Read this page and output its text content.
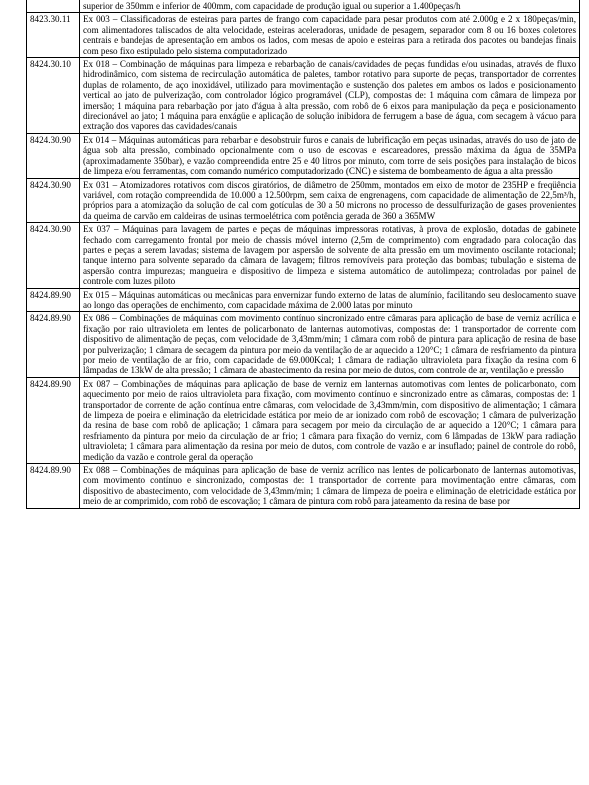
	superior de 350mm e inferior de 400mm, com capacidade de produção igual ou superior a 1.400peças/h
8423.30.11	Ex 003 – Classificadoras de esteiras para partes de frango com capacidade para pesar produtos com até 2.000g e 2 x 180peças/min, com alimentadores taliscados de alta velocidade, esteiras aceleradoras, unidade de pesagem, separador com 8 ou 16 boxes coletores centrais e bandejas de apresentação em ambos os lados, com mesas de apoio e esteiras para a retirada dos pacotes ou bandejas finais com peso fixo estipulado pelo sistema computadorizado
8424.30.10	Ex 018 – Combinação de máquinas para limpeza e rebarbação de canais/cavidades de peças fundidas e/ou usinadas, através de fluxo hidrodinâmico, com sistema de recirculação automática de paletes, tambor rotativo para suporte de peças, transportador de correntes duplas de rolamento, de aço inoxidável, utilizado para movimentação e sustenção dos paletes em ambos os lados e posicionamento vertical ao jato de pulverização, com controlador lógico programável (CLP), compostas de: 1 máquina com câmara de limpeza por imersão; 1 máquina para rebarbação por jato d'água à alta pressão, com robô de 6 eixos para manipulação da peça e posicionamento direcionável ao jato; 1 máquina para enxágüe e aplicação de solução inibidora de ferrugem a base de água, com secagem à vácuo para extração dos vapores das cavidades/canais
8424.30.90	Ex 014 – Máquinas automáticas para rebarbar e desobstruir furos e canais de lubrificação em peças usinadas, através do uso de jato de água sob alta pressão, combinado opcionalmente com o uso de escovas e escareadores, pressão máxima da água de 35MPa (aproximadamente 350bar), e vazão compreendida entre 25 e 40 litros por minuto, com torre de seis posições para instalação de bicos de limpeza e/ou ferramentas, com comando numérico computadorizado (CNC) e sistema de bombeamento de água a alta pressão
8424.30.90	Ex 031 – Atomizadores rotativos com discos giratórios, de diâmetro de 250mm, montados em eixo de motor de 235HP e freqüência variável, com rotação compreendida de 10.000 a 12.500rpm, sem caixa de engrenagens, com capacidade de alimentação de 22,5m³/h, próprios para a atomização da solução de cal com gotículas de 30 a 50 microns no processo de dessulfurização de gases provenientes da queima de carvão em caldeiras de usinas termoelétrica com potência gerada de 360 a 365MW
8424.30.90	Ex 037 – Máquinas para lavagem de partes e peças de máquinas impressoras rotativas, à prova de explosão, dotadas de gabinete fechado com carregamento frontal por meio de chassis móvel interno (2,5m de comprimento) com engradado para colocação das partes e peças a serem lavadas; sistema de lavagem por aspersão de solvente de alta pressão em um movimento oscilante rotacional; tanque interno para solvente separado da câmara de lavagem; filtros removíveis para proteção das bombas; tubulação e sistema de aspersão contra impurezas; mangueira e dispositivo de limpeza e sistema automático de autolimpeza; controladas por painel de controle com luzes piloto
8424.89.90	Ex 015 – Máquinas automáticas ou mecânicas para envernizar fundo externo de latas de alumínio, facilitando seu deslocamento suave ao longo das operações de enchimento, com capacidade máxima de 2.000 latas por minuto
8424.89.90	Ex 086 – Combinações de máquinas com movimento contínuo sincronizado entre câmaras para aplicação de base de verniz acrílica e fixação por raio ultravioleta em lentes de policarbonato de lanternas automotivas, compostas de: 1 transportador de corrente com dispositivo de alimentação de peças, com velocidade de 3,43mm/min; 1 câmara com robô de pintura para aplicação de resina de base por pulverização; 1 câmara de secagem da pintura por meio da ventilação de ar aquecido a 120°C; 1 câmara de resfriamento da pintura por meio de ventilação de ar frio, com capacidade de 69.000Kcal; 1 câmara de radiação ultravioleta para fixação da resina com 6 lâmpadas de 13kW de alta pressão; 1 câmara de abastecimento da resina por meio de dutos, com controle de ar, ventilação e pressão
8424.89.90	Ex 087 – Combinações de máquinas para aplicação de base de verniz em lanternas automotivas com lentes de policarbonato, com aquecimento por meio de raios ultravioleta para fixação, com movimento contínuo e sincronizado entre as câmaras, compostas de: 1 transportador de corrente de ação contínua entre câmaras, com velocidade de 3,43mm/min, com dispositivo de alimentação; 1 câmara de limpeza de poeira e eliminação da eletricidade estática por meio de ar ionizado com robô de escovação; 1 câmara de pulverização da resina de base com robô de aplicação; 1 câmara para secagem por meio da circulação de ar aquecido a 120°C; 1 câmara para resfriamento da pintura por meio da circulação de ar frio; 1 câmara para fixação do verniz, com 6 lâmpadas de 13kW para radiação ultravioleta; 1 câmara para alimentação da resina por meio de dutos, com controle de vazão e ar insuflado; painel de controle do robô, medição da vazão e controle geral da operação
8424.89.90	Ex 088 – Combinações de máquinas para aplicação de base de verniz acrílico nas lentes de policarbonato de lanternas automotivas, com movimento contínuo e sincronizado, compostas de: 1 transportador de corrente para movimentação entre câmaras, com dispositivo de abastecimento, com velocidade de 3,43mm/min; 1 câmara de limpeza de poeira e eliminação de eletricidade estática por meio de ar comprimido, com robô de escovação; 1 câmara de pintura com robô para jateamento da resina de base por
